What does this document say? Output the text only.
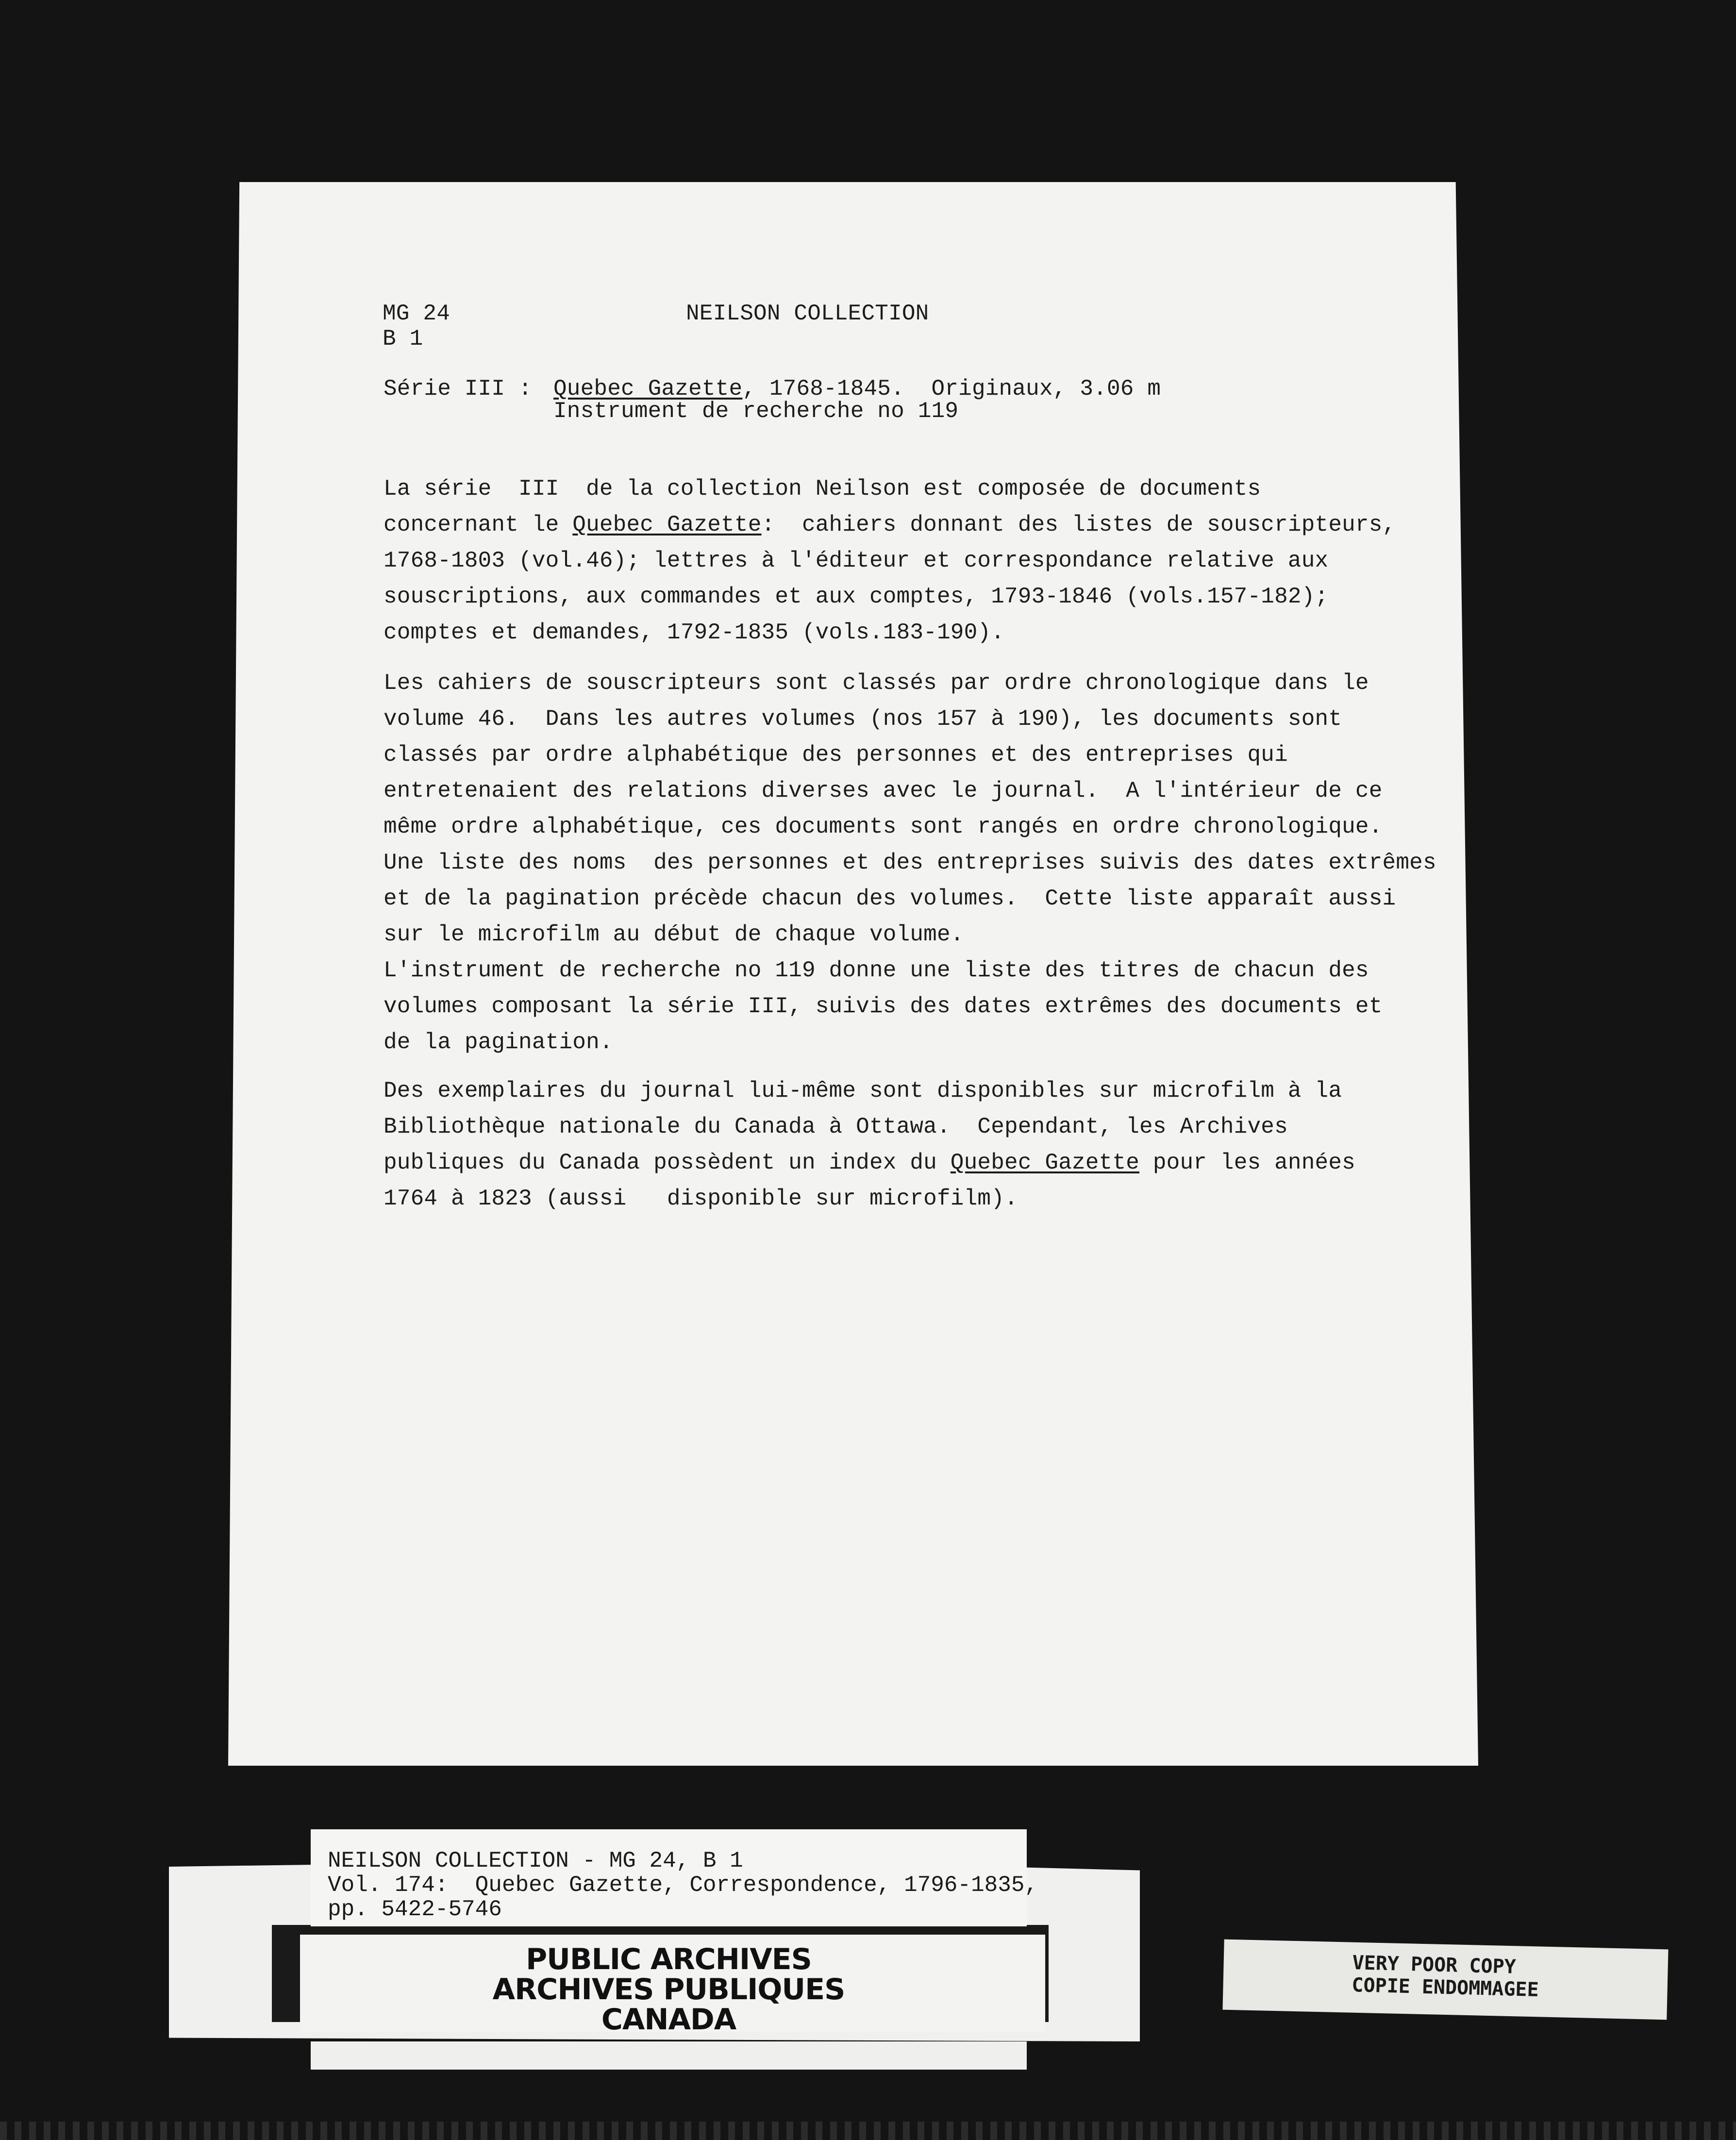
MG 24
B 1
NEILSON COLLECTION
Série III : Quebec Gazette, 1768-1845.  Originaux, 3.06 m
Instrument de recherche no 119
La série  III  de la collection Neilson est composée de documents
concernant le Quebec Gazette:  cahiers donnant des listes de souscripteurs,
1768-1803 (vol.46); lettres à l'éditeur et correspondance relative aux
souscriptions, aux commandes et aux comptes, 1793-1846 (vols.157-182);
comptes et demandes, 1792-1835 (vols.183-190).
Les cahiers de souscripteurs sont classés par ordre chronologique dans le
volume 46.  Dans les autres volumes (nos 157 à 190), les documents sont
classés par ordre alphabétique des personnes et des entreprises qui
entretenaient des relations diverses avec le journal.  A l'intérieur de ce
même ordre alphabétique, ces documents sont rangés en ordre chronologique.
Une liste des noms  des personnes et des entreprises suivis des dates extrêmes
et de la pagination précède chacun des volumes.  Cette liste apparaît aussi
sur le microfilm au début de chaque volume.
L'instrument de recherche no 119 donne une liste des titres de chacun des
volumes composant la série III, suivis des dates extrêmes des documents et
de la pagination.
Des exemplaires du journal lui-même sont disponibles sur microfilm à la
Bibliothèque nationale du Canada à Ottawa.  Cependant, les Archives
publiques du Canada possèdent un index du Quebec Gazette pour les années
1764 à 1823 (aussi   disponible sur microfilm).
NEILSON COLLECTION - MG 24, B 1
Vol. 174:  Quebec Gazette, Correspondence, 1796-1835,
pp. 5422-5746
PUBLIC ARCHIVES
ARCHIVES PUBLIQUES
CANADA
VERY POOR COPY
COPIE ENDOMMAGEE
